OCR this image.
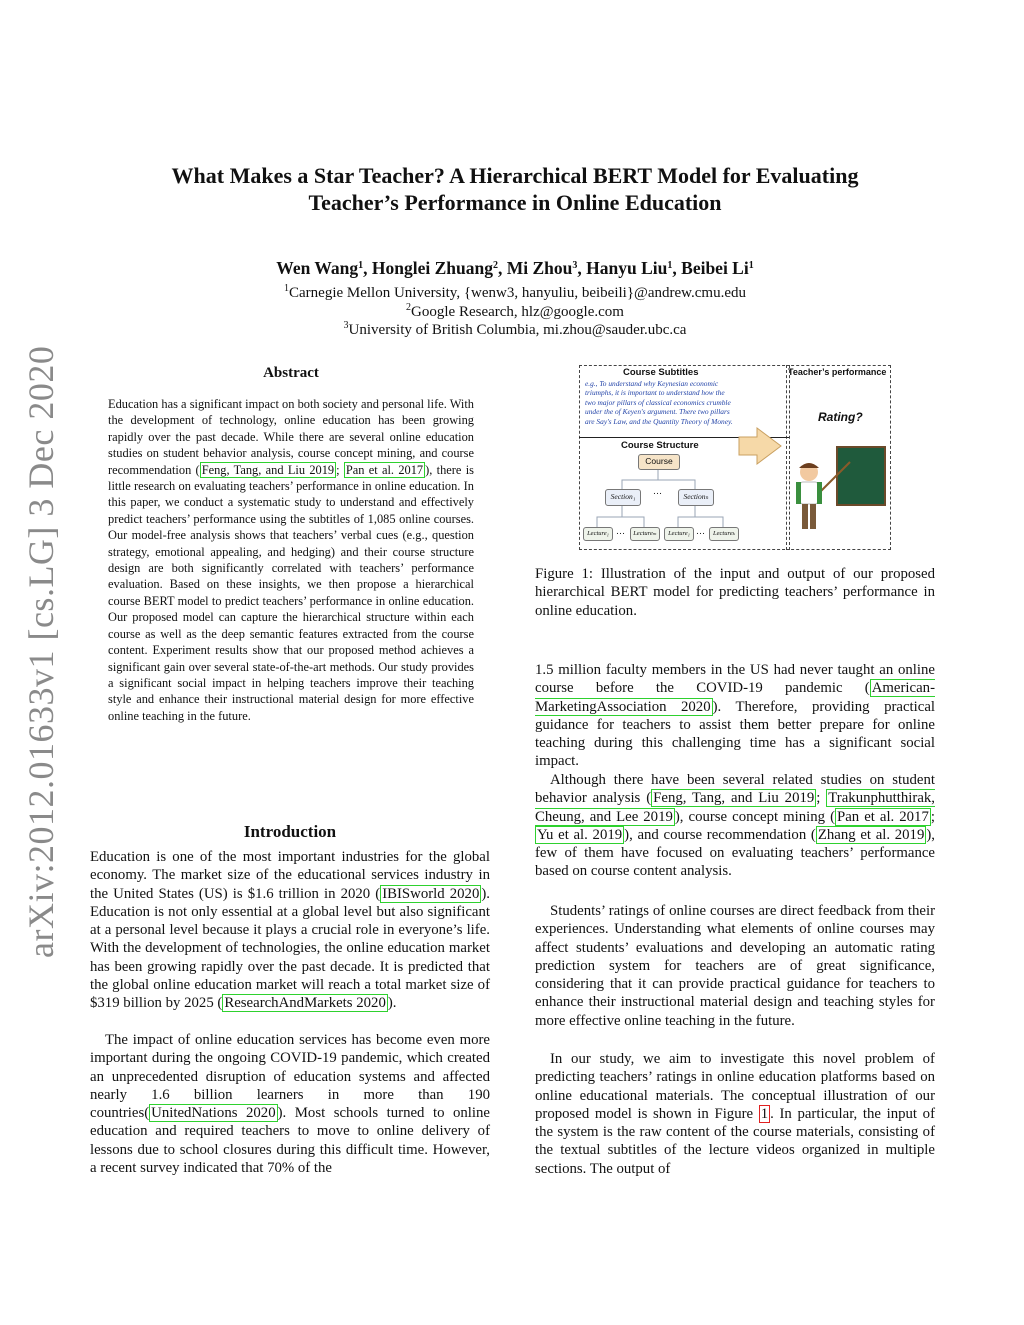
arXiv:2012.01633v1 [cs.LG] 3 Dec 2020
What Makes a Star Teacher? A Hierarchical BERT Model for Evaluating
Teacher’s Performance in Online Education
Wen Wang$^1$, Honglei Zhuang$^2$, Mi Zhou$^3$, Hanyu Liu$^1$, Beibei Li$^1$
$^1$Carnegie Mellon University, {wenw3, hanyuliu, beibeili}@andrew.cmu.edu
$^2$Google Research, hlz@google.com
$^3$University of British Columbia, mi.zhou@sauder.ubc.ca
Abstract
Education has a significant impact on both society and personal life. With the development of technology, online education has been growing rapidly over the past decade. While there are several online education studies on student behavior analysis, course concept mining, and course recommendation ( Feng, Tang, and Liu 2019 ; Pan et al. 2017 ), there is little research on evaluating teachers’ performance in online education. In this paper, we conduct a systematic study to understand and effectively predict teachers’ performance using the subtitles of 1,085 online courses. Our model-free analysis shows that teachers’ verbal cues (e.g., question strategy, emotional appealing, and hedging) and their course structure design are both significantly correlated with teachers’ performance evaluation. Based on these insights, we then propose a hierarchical course BERT model to predict teachers’ performance in online education. Our proposed model can capture the hierarchical structure within each course as well as the deep semantic features extracted from the course content. Experiment results show that our proposed method achieves a significant gain over several state-of-the-art methods. Our study provides a significant social impact in helping teachers improve their teaching style and enhance their instructional material design for more effective online teaching in the future.
Introduction
Education is one of the most important industries for the global economy. The market size of the educational services industry in the United States (US) is $1.6 trillion in 2020 ( IBISworld 2020 ). Education is not only essential at a global level but also significant at a personal level because it plays a crucial role in everyone’s life. With the development of technologies, the online education market has been growing rapidly over the past decade. It is predicted that the global online education market will reach a total market size of $319 billion by 2025 ( ResearchAndMarkets 2020 ).
The impact of online education services has become even more important during the ongoing COVID-19 pandemic, which created an unprecedented disruption of education systems and affected nearly 1.6 billion learners in more than 190 countries( UnitedNations 2020 ). Most schools turned to online education and required teachers to move to online delivery of lessons due to school closures during this difficult time. However, a recent survey indicated that 70% of the
Course Subtitles
e.g., To understand why Keynesian economic triumphs, it is important to understand how the two major pillars of classical economics crumble under the of Keyen's argument. There two pillars are Say's Law, and the Quantity Theory of Money.
Course Structure
Teacher’s performance
Rating?
Course
Section₁	Sectionₙ
…
Lecture₁ …	Lectureₘ	Lecture₁ …	Lectureₖ
Figure 1: Illustration of the input and output of our proposed hierarchical BERT model for predicting teachers’ performance in online education.
1.5 million faculty members in the US had never taught an online course before the COVID-19 pandemic ( American-MarketingAssociation 2020 ). Therefore, providing practical guidance for teachers to assist them better prepare for online teaching during this challenging time has a significant social impact.
Although there have been several related studies on student behavior analysis ( Feng, Tang, and Liu 2019 ; Trakunphutthirak, Cheung, and Lee 2019 ), course concept mining ( Pan et al. 2017 ; Yu et al. 2019 ), and course recommendation ( Zhang et al. 2019 ), few of them have focused on evaluating teachers’ performance based on course content analysis.
Students’ ratings of online courses are direct feedback from their experiences. Understanding what elements of online courses may affect students’ evaluations and developing an automatic rating prediction system for teachers are of great significance, considering that it can provide practical guidance for teachers to enhance their instructional material design and teaching styles for more effective online teaching in the future.
In our study, we aim to investigate this novel problem of predicting teachers’ ratings in online education platforms based on online educational materials. The conceptual illustration of our proposed model is shown in Figure 1 . In particular, the input of the system is the raw content of the course materials, consisting of the textual subtitles of the lecture videos organized in multiple sections. The output of
